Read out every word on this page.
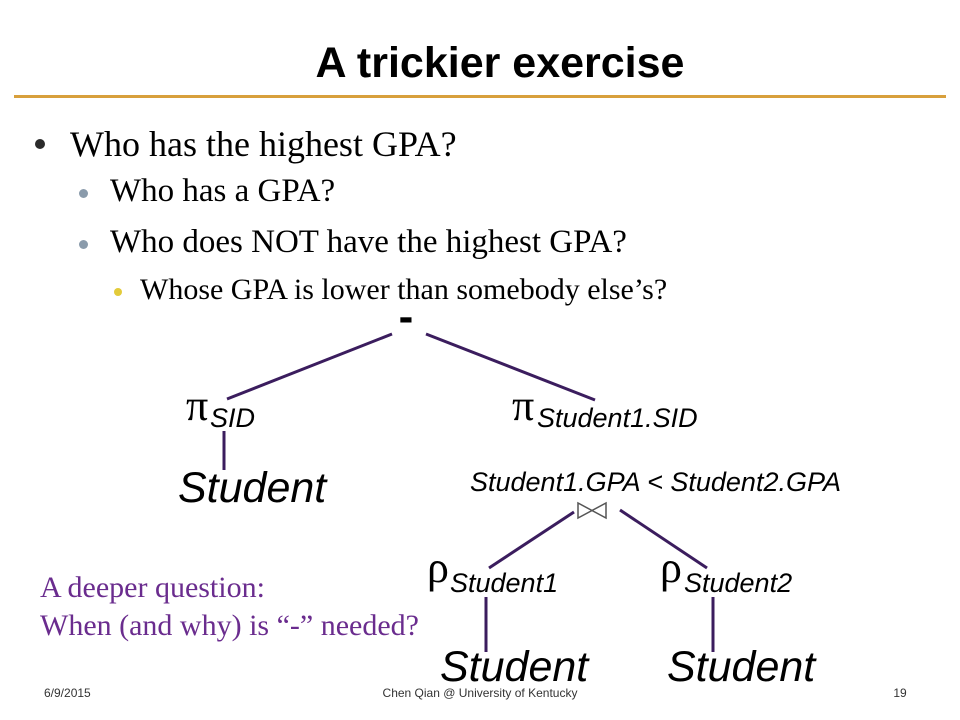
A trickier exercise
Who has the highest GPA?
Who has a GPA?
Who does NOT have the highest GPA?
Whose GPA is lower than somebody else’s?
-
π SID
Student
π Student1.SID
Student1.GPA < Student2.GPA
ρ Student1 ρ Student2
Student Student
A deeper question:
When (and why) is “-” needed?
6/9/2015	Chen Qian @ University of Kentucky	19
